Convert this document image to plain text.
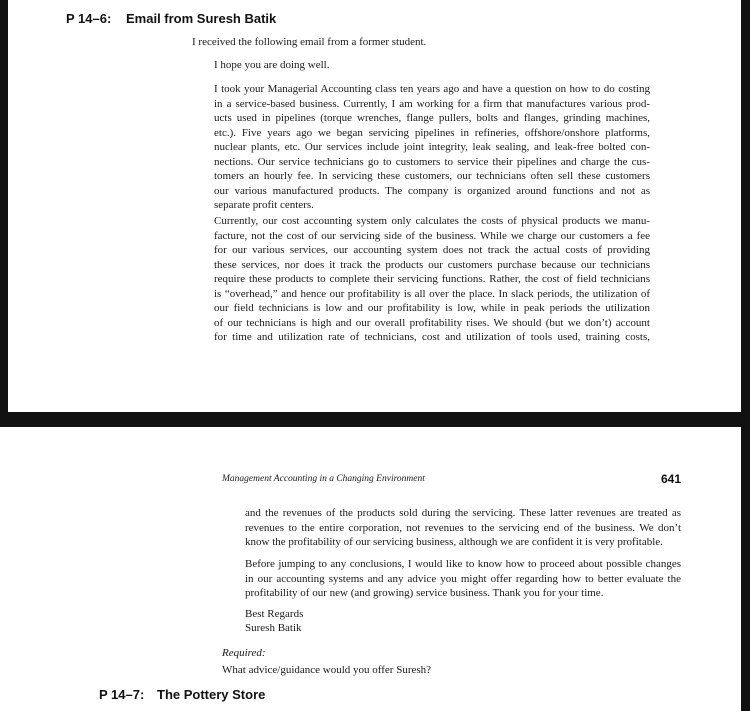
P 14–6: Email from Suresh Batik

I received the following email from a former student.

I hope you are doing well.

I took your Managerial Accounting class ten years ago and have a question on how to do costing
in a service-based business. Currently, I am working for a firm that manufactures various prod-
ucts used in pipelines (torque wrenches, flange pullers, bolts and flanges, grinding machines,
etc.). Five years ago we began servicing pipelines in refineries, offshore/onshore platforms,
nuclear plants, etc. Our services include joint integrity, leak sealing, and leak-free bolted con-
nections. Our service technicians go to customers to service their pipelines and charge the cus-
tomers an hourly fee. In servicing these customers, our technicians often sell these customers
our various manufactured products. The company is organized around functions and not as
separate profit centers.

Currently, our cost accounting system only calculates the costs of physical products we manu-
facture, not the cost of our servicing side of the business. While we charge our customers a fee
for our various services, our accounting system does not track the actual costs of providing
these services, nor does it track the products our customers purchase because our technicians
require these products to complete their servicing functions. Rather, the cost of field technicians
is “overhead,” and hence our profitability is all over the place. In slack periods, the utilization of
our field technicians is low and our profitability is low, while in peak periods the utilization
of our technicians is high and our overall profitability rises. We should (but we don’t) account
for time and utilization rate of technicians, cost and utilization of tools used, training costs,

Management Accounting in a Changing Environment	641

and the revenues of the products sold during the servicing. These latter revenues are treated as
revenues to the entire corporation, not revenues to the servicing end of the business. We don’t
know the profitability of our servicing business, although we are confident it is very profitable.

Before jumping to any conclusions, I would like to know how to proceed about possible changes
in our accounting systems and any advice you might offer regarding how to better evaluate the
profitability of our new (and growing) service business. Thank you for your time.

Best Regards

Suresh Batik

Required:

What advice/guidance would you offer Suresh?

P 14–7: The Pottery Store
